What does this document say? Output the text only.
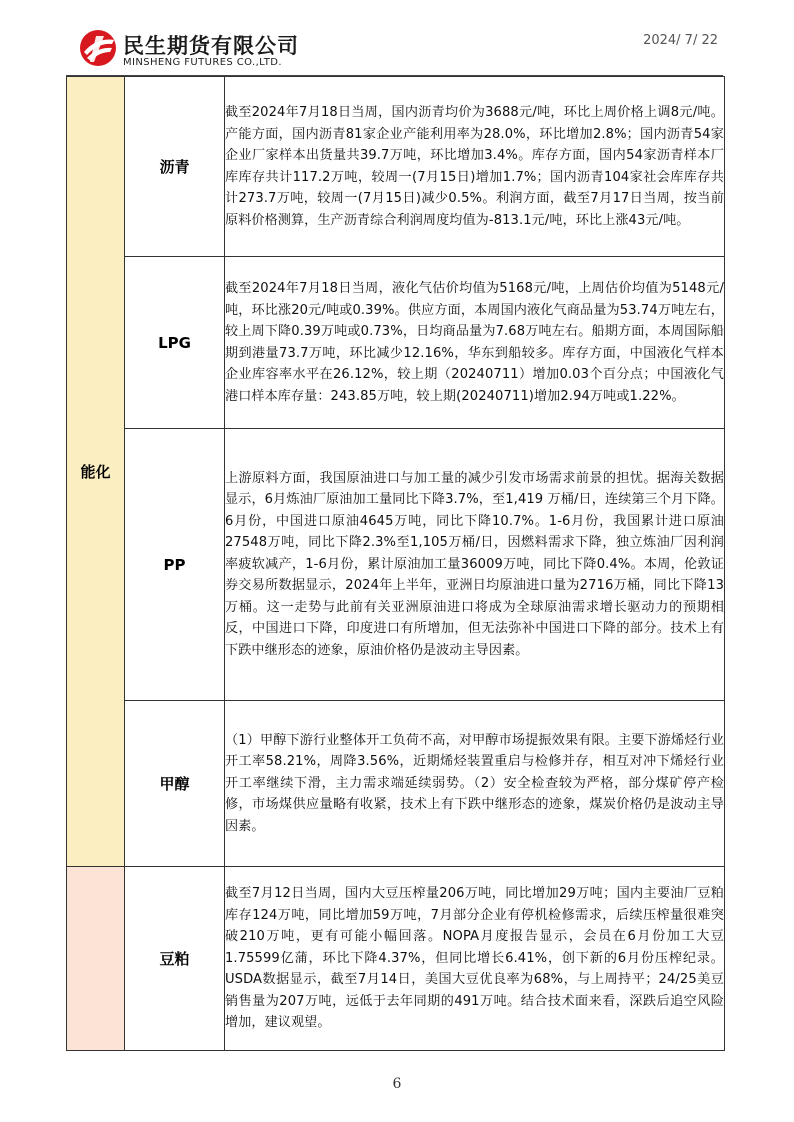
民生期货有限公司
MINSHENG FUTURES CO.,LTD.
2024/ 7/ 22
能化	沥青	截至2024年7月18日当周，国内沥青均价为3688元/吨，环比上周价格上调8元/吨。产能方面，国内沥青81家企业产能利用率为28.0%，环比增加2.8%；国内沥青54家企业厂家样本出货量共39.7万吨，环比增加3.4%。库存方面，国内54家沥青样本厂库库存共计117.2万吨，较周一(7月15日)增加1.7%；国内沥青104家社会库库存共计273.7万吨，较周一(7月15日)减少0.5%。利润方面，截至7月17日当周，按当前原料价格测算，生产沥青综合利润周度均值为-813.1元/吨，环比上涨43元/吨。
	LPG	截至2024年7月18日当周，液化气估价均值为5168元/吨，上周估价均值为5148元/吨，环比涨20元/吨或0.39%。供应方面，本周国内液化气商品量为53.74万吨左右，较上周下降0.39万吨或0.73%，日均商品量为7.68万吨左右。船期方面，本周国际船期到港量73.7万吨，环比减少12.16%，华东到船较多。库存方面，中国液化气样本企业库容率水平在26.12%，较上期（20240711）增加0.03个百分点；中国液化气港口样本库存量：243.85万吨，较上期(20240711)增加2.94万吨或1.22%。
	PP	上游原料方面，我国原油进口与加工量的减少引发市场需求前景的担忧。据海关数据显示，6月炼油厂原油加工量同比下降3.7%，至1,419 万桶/日，连续第三个月下降。6月份，中国进口原油4645万吨，同比下降10.7%。1-6月份，我国累计进口原油27548万吨，同比下降2.3%至1,105万桶/日，因燃料需求下降，独立炼油厂因利润率疲软减产，1-6月份，累计原油加工量36009万吨，同比下降0.4%。本周，伦敦证券交易所数据显示，2024年上半年，亚洲日均原油进口量为2716万桶，同比下降13万桶。这一走势与此前有关亚洲原油进口将成为全球原油需求增长驱动力的预期相反，中国进口下降，印度进口有所增加，但无法弥补中国进口下降的部分。技术上有下跌中继形态的迹象，原油价格仍是波动主导因素。
	甲醇	（1）甲醇下游行业整体开工负荷不高，对甲醇市场提振效果有限。主要下游烯烃行业开工率58.21%，周降3.56%，近期烯烃装置重启与检修并存，相互对冲下烯烃行业开工率继续下滑，主力需求端延续弱势。（2）安全检查较为严格，部分煤矿停产检修，市场煤供应量略有收紧，技术上有下跌中继形态的迹象，煤炭价格仍是波动主导因素。
	豆粕	截至7月12日当周，国内大豆压榨量206万吨，同比增加29万吨；国内主要油厂豆粕库存124万吨，同比增加59万吨，7月部分企业有停机检修需求，后续压榨量很难突破210万吨，更有可能小幅回落。NOPA月度报告显示，会员在6月份加工大豆1.75599亿蒲，环比下降4.37%，但同比增长6.41%，创下新的6月份压榨纪录。USDA数据显示，截至7月14日，美国大豆优良率为68%，与上周持平；24/25美豆销售量为207万吨，远低于去年同期的491万吨。结合技术面来看，深跌后追空风险增加，建议观望。
6
